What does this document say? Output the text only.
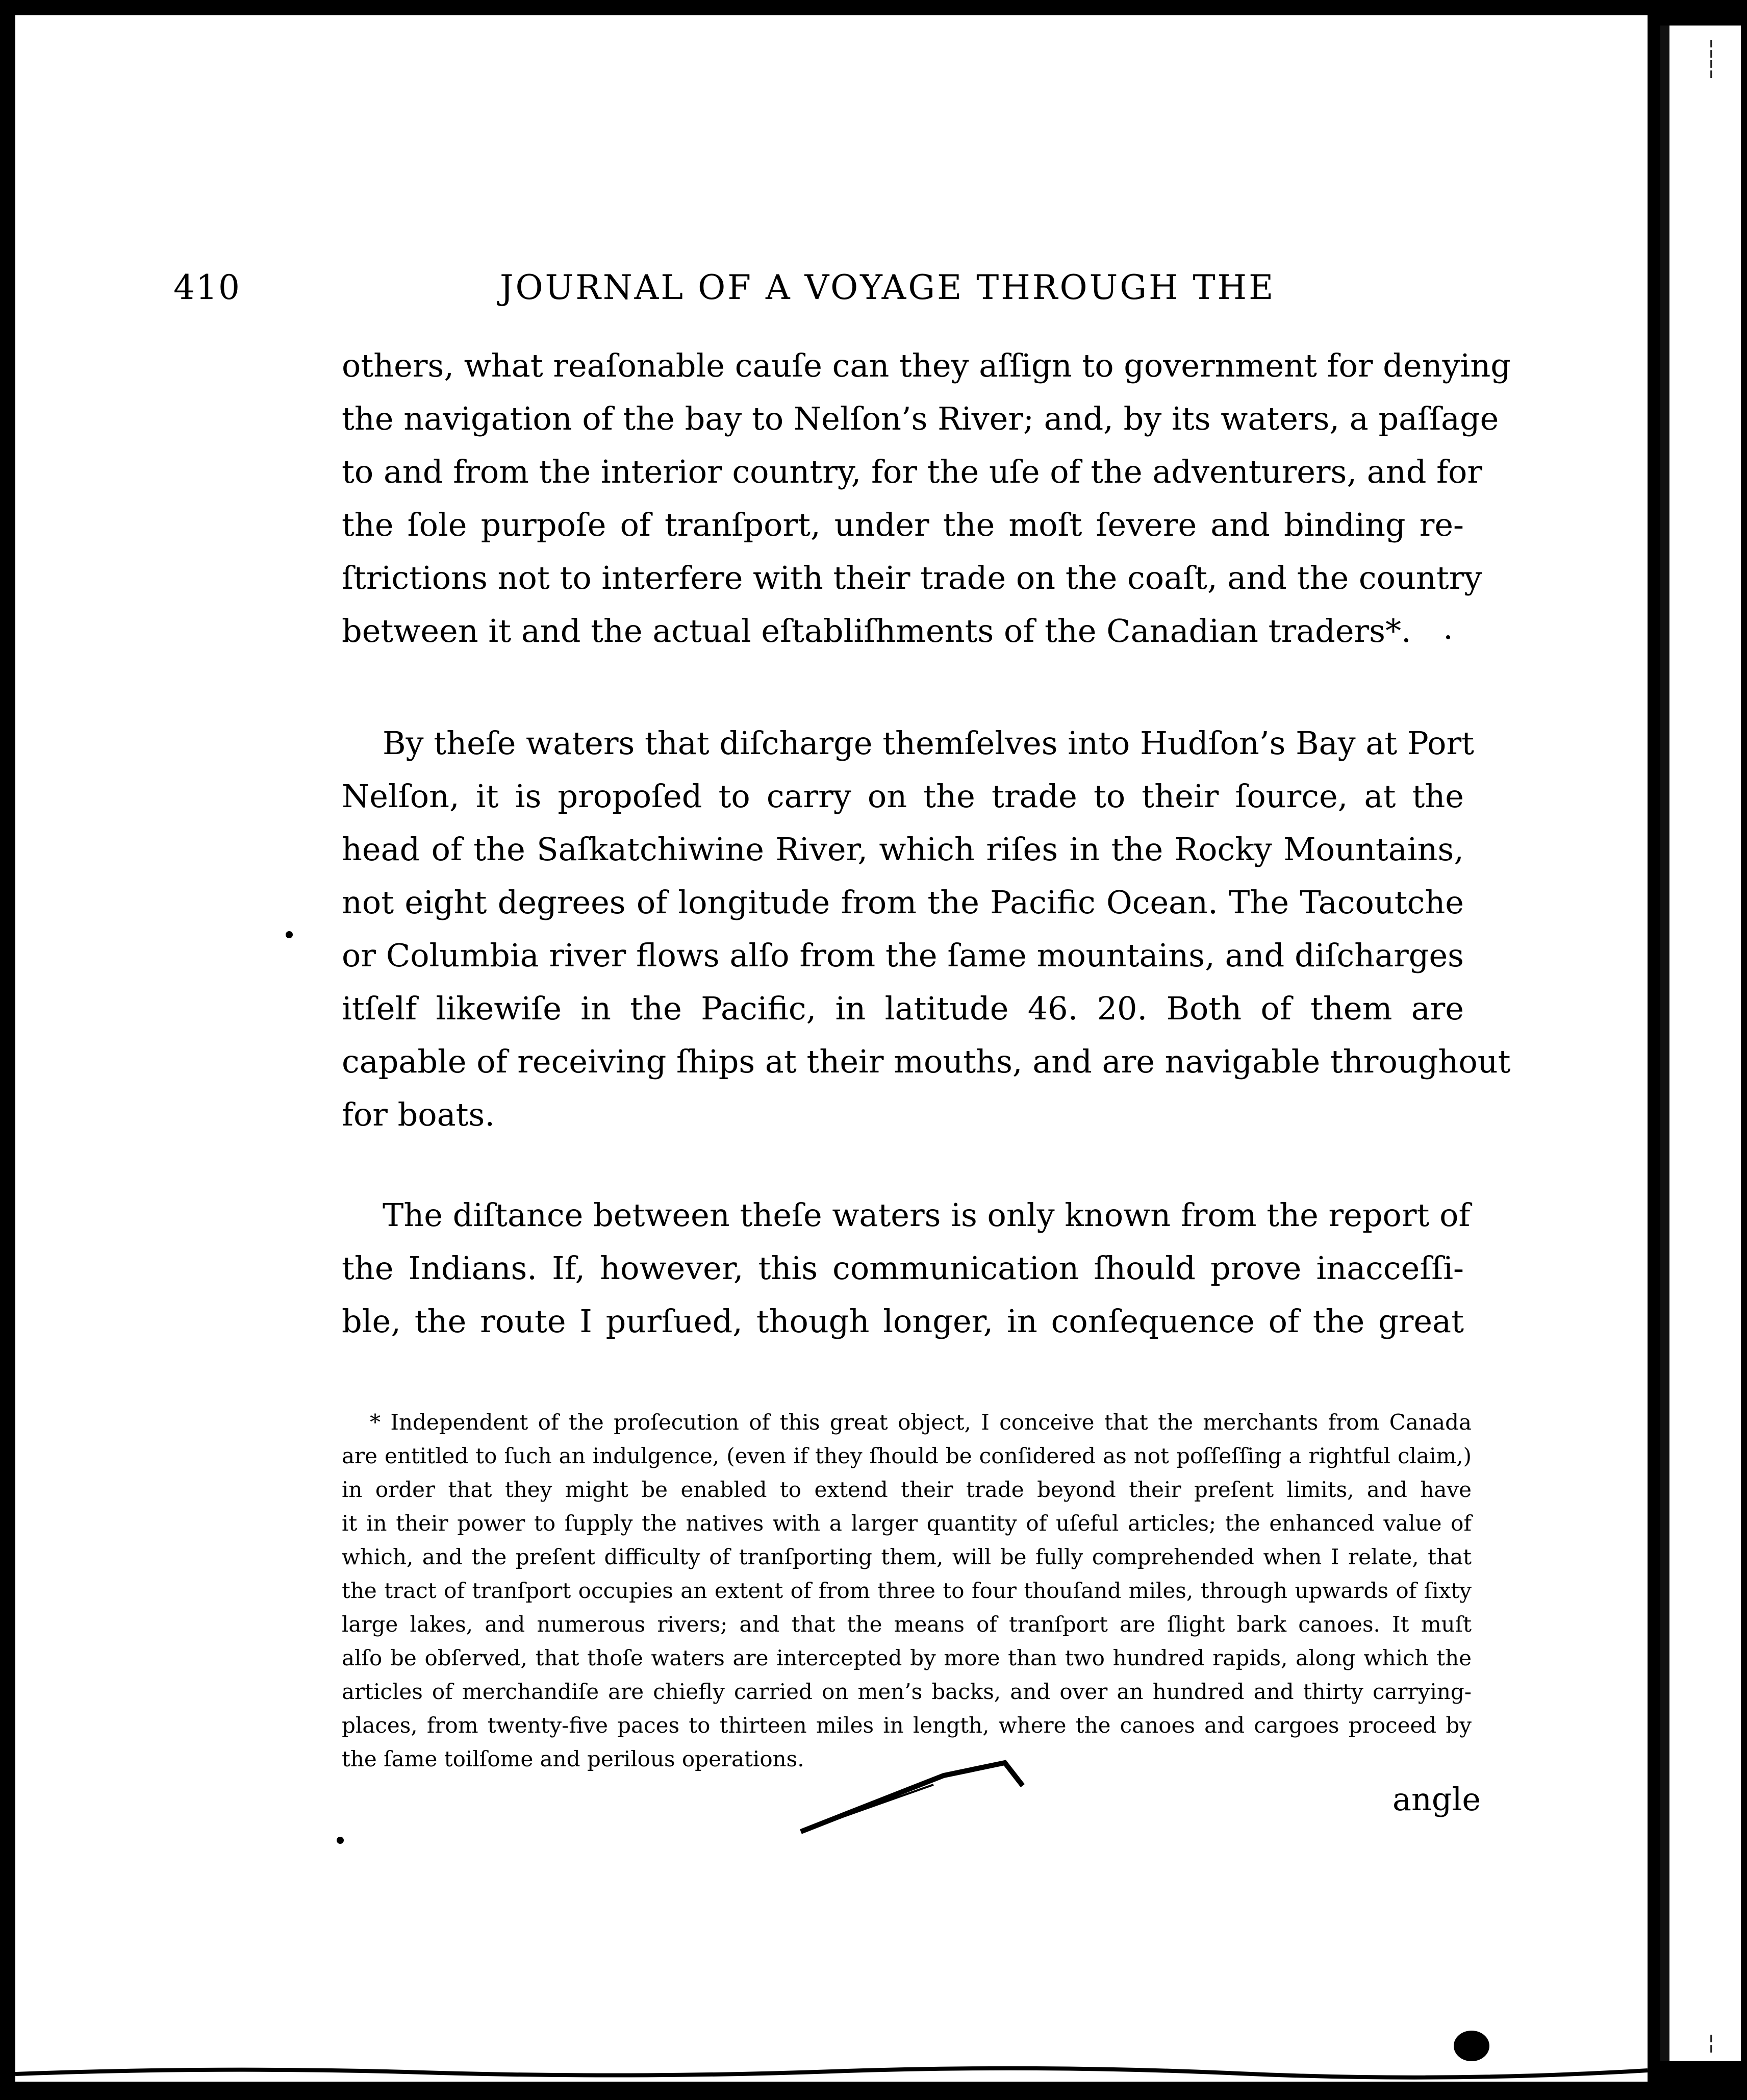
410	JOURNAL OF A VOYAGE THROUGH THE
others, what reaſonable cauſe can they aſſign to government for denying
the navigation of the bay to Nelſon’s River; and, by its waters, a paſſage
to and from the interior country, for the uſe of the adventurers, and for
the ſole purpoſe of tranſport, under the moſt ſevere and binding re-
ſtrictions not to interfere with their trade on the coaſt, and the country
between it and the actual eſtabliſhments of the Canadian traders*.
By theſe waters that diſcharge themſelves into Hudſon’s Bay at Port
Nelſon, it is propoſed to carry on the trade to their ſource, at the
head of the Saſkatchiwine River, which riſes in the Rocky Mountains,
not eight degrees of longitude from the Pacific Ocean. The Tacoutche
or Columbia river flows alſo from the ſame mountains, and diſcharges
itſelf likewiſe in the Pacific, in latitude 46. 20. Both of them are
capable of receiving ſhips at their mouths, and are navigable throughout
for boats.
The diſtance between theſe waters is only known from the report of
the Indians. If, however, this communication ſhould prove inacceſſi-
ble, the route I purſued, though longer, in conſequence of the great
* Independent of the proſecution of this great object, I conceive that the merchants from Canada
are entitled to ſuch an indulgence, (even if they ſhould be conſidered as not poſſeſſing a rightful claim,)
in order that they might be enabled to extend their trade beyond their preſent limits, and have
it in their power to ſupply the natives with a larger quantity of uſeful articles; the enhanced value of
which, and the preſent difficulty of tranſporting them, will be fully comprehended when I relate, that
the tract of tranſport occupies an extent of from three to four thouſand miles, through upwards of ſixty
large lakes, and numerous rivers; and that the means of tranſport are ſlight bark canoes. It muſt
alſo be obſerved, that thoſe waters are intercepted by more than two hundred rapids, along which the
articles of merchandiſe are chiefly carried on men’s backs, and over an hundred and thirty carrying-
places, from twenty-five paces to thirteen miles in length, where the canoes and cargoes proceed by
the ſame toilſome and perilous operations.
angle
¦
¦
¦
